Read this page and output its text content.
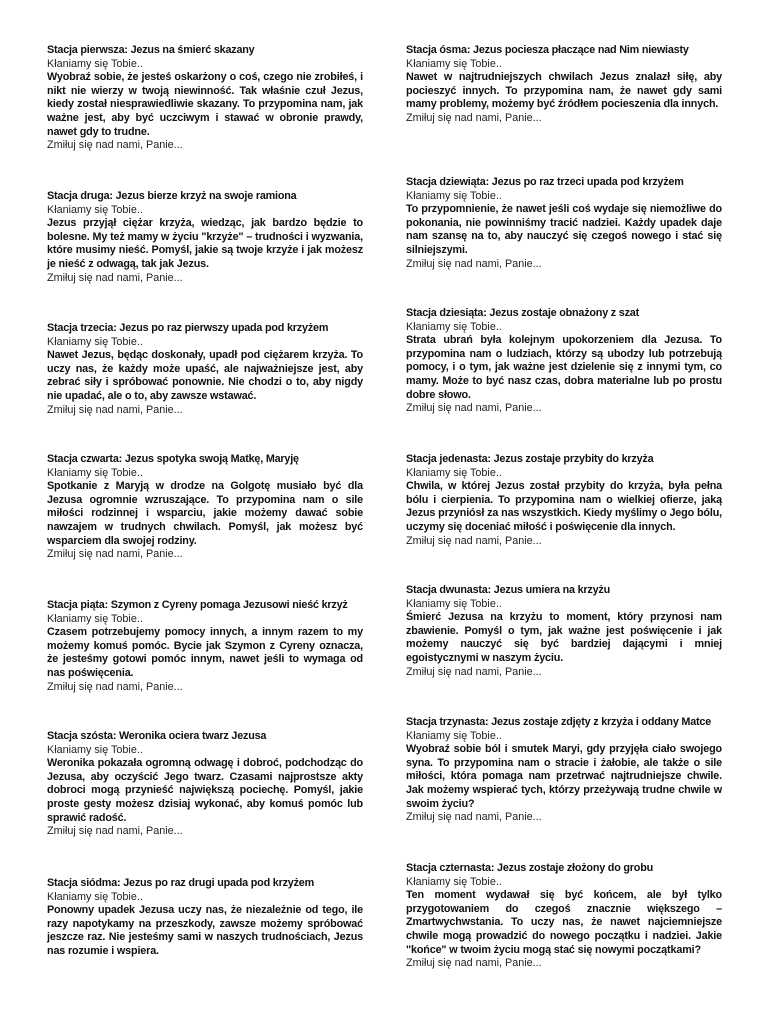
Stacja pierwsza: Jezus na śmierć skazany

Kłaniamy się Tobie..

Wyobraź sobie, że jesteś oskarżony o coś, czego nie zrobiłeś, i nikt nie wierzy w twoją niewinność. Tak właśnie czuł Jezus, kiedy został niesprawiedliwie skazany. To przypomina nam, jak ważne jest, aby być uczciwym i stawać w obronie prawdy, nawet gdy to trudne.

Zmiłuj się nad nami, Panie...

Stacja druga: Jezus bierze krzyż na swoje ramiona

Kłaniamy się Tobie..

Jezus przyjął ciężar krzyża, wiedząc, jak bardzo będzie to bolesne. My też mamy w życiu "krzyże" – trudności i wyzwania, które musimy nieść. Pomyśl, jakie są twoje krzyże i jak możesz je nieść z odwagą, tak jak Jezus.

Zmiłuj się nad nami, Panie...

Stacja trzecia: Jezus po raz pierwszy upada pod krzyżem

Kłaniamy się Tobie..

Nawet Jezus, będąc doskonały, upadł pod ciężarem krzyża. To uczy nas, że każdy może upaść, ale najważniejsze jest, aby zebrać siły i spróbować ponownie. Nie chodzi o to, aby nigdy nie upadać, ale o to, aby zawsze wstawać.

Zmiłuj się nad nami, Panie...

Stacja czwarta: Jezus spotyka swoją Matkę, Maryję

Kłaniamy się Tobie..

Spotkanie z Maryją w drodze na Golgotę musiało być dla Jezusa ogromnie wzruszające. To przypomina nam o sile miłości rodzinnej i wsparciu, jakie możemy dawać sobie nawzajem w trudnych chwilach. Pomyśl, jak możesz być wsparciem dla swojej rodziny.

Zmiłuj się nad nami, Panie...

Stacja piąta: Szymon z Cyreny pomaga Jezusowi nieść krzyż

Kłaniamy się Tobie..

Czasem potrzebujemy pomocy innych, a innym razem to my możemy komuś pomóc. Bycie jak Szymon z Cyreny oznacza, że jesteśmy gotowi pomóc innym, nawet jeśli to wymaga od nas poświęcenia.

Zmiłuj się nad nami, Panie...

Stacja szósta: Weronika ociera twarz Jezusa

Kłaniamy się Tobie..

Weronika pokazała ogromną odwagę i dobroć, podchodząc do Jezusa, aby oczyścić Jego twarz. Czasami najprostsze akty dobroci mogą przynieść największą pociechę. Pomyśl, jakie proste gesty możesz dzisiaj wykonać, aby komuś pomóc lub sprawić radość.

Zmiłuj się nad nami, Panie...

Stacja siódma: Jezus po raz drugi upada pod krzyżem

Kłaniamy się Tobie..

Ponowny upadek Jezusa uczy nas, że niezależnie od tego, ile razy napotykamy na przeszkody, zawsze możemy spróbować jeszcze raz. Nie jesteśmy sami w naszych trudnościach, Jezus nas rozumie i wspiera.

Stacja ósma: Jezus pociesza płaczące nad Nim niewiasty

Kłaniamy się Tobie..

Nawet w najtrudniejszych chwilach Jezus znalazł siłę, aby pocieszyć innych. To przypomina nam, że nawet gdy sami mamy problemy, możemy być źródłem pocieszenia dla innych.

Zmiłuj się nad nami, Panie...

Stacja dziewiąta: Jezus po raz trzeci upada pod krzyżem

Kłaniamy się Tobie..

To przypomnienie, że nawet jeśli coś wydaje się niemożliwe do pokonania, nie powinniśmy tracić nadziei. Każdy upadek daje nam szansę na to, aby nauczyć się czegoś nowego i stać się silniejszymi.

Zmiłuj się nad nami, Panie...

Stacja dziesiąta: Jezus zostaje obnażony z szat

Kłaniamy się Tobie..

Strata ubrań była kolejnym upokorzeniem dla Jezusa. To przypomina nam o ludziach, którzy są ubodzy lub potrzebują pomocy, i o tym, jak ważne jest dzielenie się z innymi tym, co mamy. Może to być nasz czas, dobra materialne lub po prostu dobre słowo.

Zmiłuj się nad nami, Panie...

Stacja jedenasta: Jezus zostaje przybity do krzyża

Kłaniamy się Tobie..

Chwila, w której Jezus został przybity do krzyża, była pełna bólu i cierpienia. To przypomina nam o wielkiej ofierze, jaką Jezus przyniósł za nas wszystkich. Kiedy myślimy o Jego bólu, uczymy się doceniać miłość i poświęcenie dla innych.

Zmiłuj się nad nami, Panie...

Stacja dwunasta: Jezus umiera na krzyżu

Kłaniamy się Tobie..

Śmierć Jezusa na krzyżu to moment, który przynosi nam zbawienie. Pomyśl o tym, jak ważne jest poświęcenie i jak możemy nauczyć się być bardziej dającymi i mniej egoistycznymi w naszym życiu.

Zmiłuj się nad nami, Panie...

Stacja trzynasta: Jezus zostaje zdjęty z krzyża i oddany Matce

Kłaniamy się Tobie..

Wyobraź sobie ból i smutek Maryi, gdy przyjęła ciało swojego syna. To przypomina nam o stracie i żałobie, ale także o sile miłości, która pomaga nam przetrwać najtrudniejsze chwile. Jak możemy wspierać tych, którzy przeżywają trudne chwile w swoim życiu?

Zmiłuj się nad nami, Panie...

Stacja czternasta: Jezus zostaje złożony do grobu

Kłaniamy się Tobie..

Ten moment wydawał się być końcem, ale był tylko przygotowaniem do czegoś znacznie większego – Zmartwychwstania. To uczy nas, że nawet najciemniejsze chwile mogą prowadzić do nowego początku i nadziei. Jakie "końce" w twoim życiu mogą stać się nowymi początkami?

Zmiłuj się nad nami, Panie...
